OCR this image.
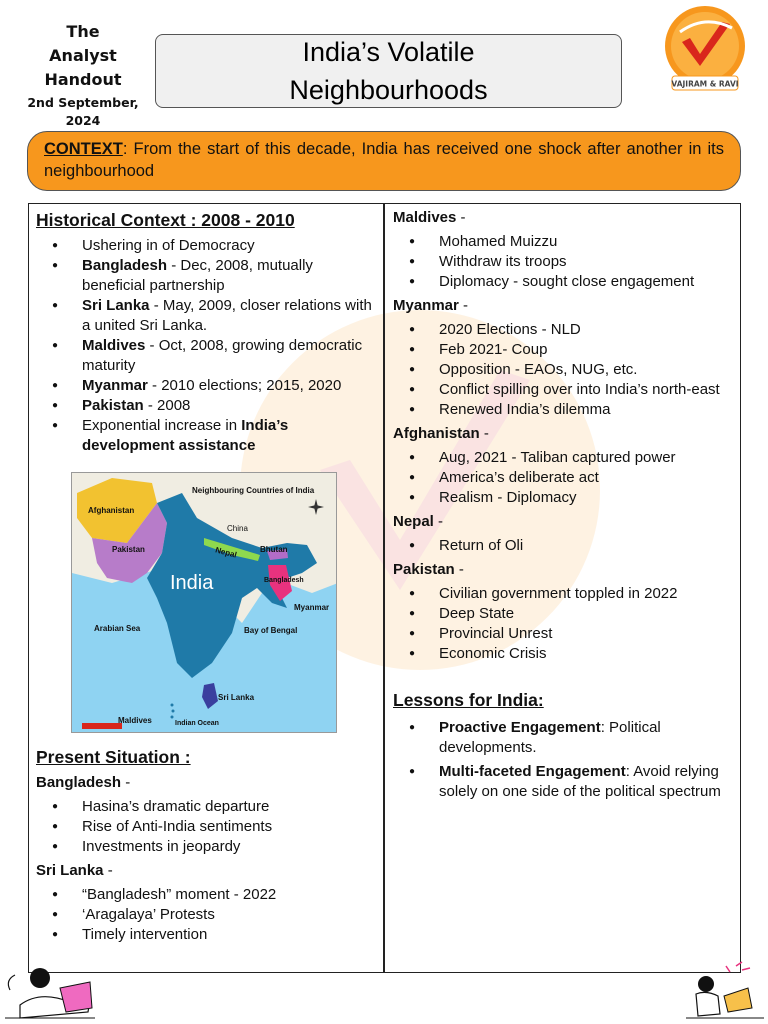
The
Analyst
Handout
2nd September, 2024
India’s Volatile
Neighbourhoods	VAJIRAM & RAVI
CONTEXT: From the start of this decade, India has received one shock after another in its neighbourhood
Historical Context : 2008 - 2010
● Ushering in of Democracy
● Bangladesh - Dec, 2008, mutually beneficial partnership
● Sri Lanka - May, 2009, closer relations with a united Sri Lanka.
● Maldives - Oct, 2008, growing democratic maturity
● Myanmar - 2010 elections; 2015, 2020
● Pakistan - 2008
● Exponential increase in India’s development assistance
Neighbouring Countries of India
Afghanistan
Pakistan
China
Nepal	Bhutan
Bangladesh
Myanmar
India
Arabian Sea	Bay of Bengal
Sri Lanka
Maldives	Indian Ocean
Present Situation :
Bangladesh -
● Hasina’s dramatic departure
● Rise of Anti-India sentiments
● Investments in jeopardy
Sri Lanka -
● “Bangladesh” moment - 2022
● ‘Aragalaya’ Protests
● Timely intervention
Maldives -
● Mohamed Muizzu
● Withdraw its troops
● Diplomacy - sought close engagement
Myanmar -
● 2020 Elections - NLD
● Feb 2021- Coup
● Opposition - EAOs, NUG, etc.
● Conflict spilling over into India’s north-east
● Renewed India’s dilemma
Afghanistan -
● Aug, 2021 - Taliban captured power
● America’s deliberate act
● Realism - Diplomacy
Nepal -
● Return of Oli
Pakistan -
● Civilian government toppled in 2022
● Deep State
● Provincial Unrest
● Economic Crisis
Lessons for India:
● Proactive Engagement: Political developments.
● Multi-faceted Engagement: Avoid relying solely on one side of the political spectrum
